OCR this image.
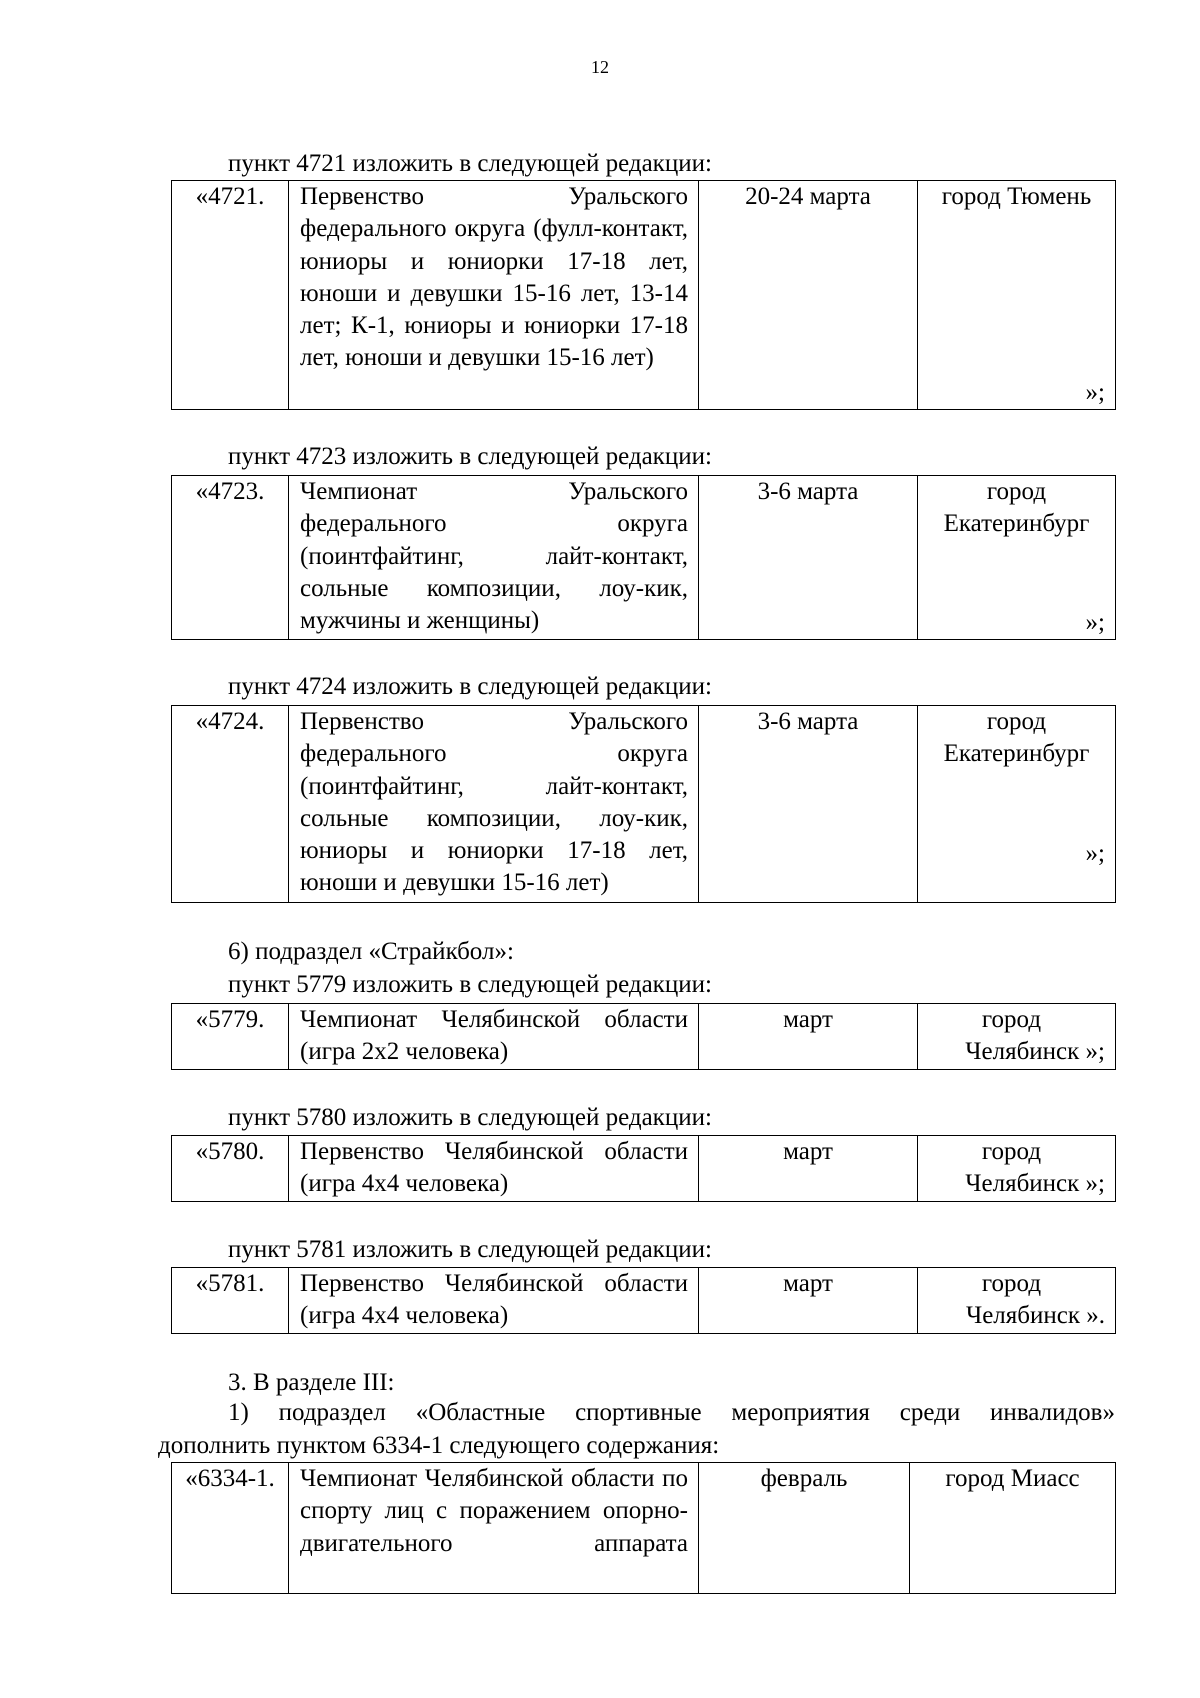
12
пункт 4721 изложить в следующей редакции:
«4721.	Первенство Уральского федерального округа (фулл-контакт, юниоры и юниорки 17-18 лет, юноши и девушки 15-16 лет, 13-14 лет; К-1, юниоры и юниорки 17-18 лет, юноши и девушки 15-16 лет)	20-24 марта	город Тюмень
»;
пункт 4723 изложить в следующей редакции:
«4723.	Чемпионат Уральского федерального округа (поинтфайтинг, лайт-контакт, сольные композиции, лоу-кик, мужчины и женщины)	3-6 марта	город
Екатеринбург
»;
пункт 4724 изложить в следующей редакции:
«4724.	Первенство Уральского федерального округа (поинтфайтинг, лайт-контакт, сольные композиции, лоу-кик, юниоры и юниорки 17-18 лет, юноши и девушки 15-16 лет)	3-6 марта	город
Екатеринбург
»;
6) подраздел «Страйкбол»:
пункт 5779 изложить в следующей редакции:
«5779.	Чемпионат Челябинской области (игра 2х2 человека)	март	город
Челябинск »;
пункт 5780 изложить в следующей редакции:
«5780.	Первенство Челябинской области (игра 4х4 человека)	март	город
Челябинск »;
пункт 5781 изложить в следующей редакции:
«5781.	Первенство Челябинской области (игра 4х4 человека)	март	город
Челябинск ».
3. В разделе III:
1) подраздел «Областные спортивные мероприятия среди инвалидов»
дополнить пунктом 6334-1 следующего содержания:
«6334-1.	Чемпионат Челябинской области по спорту лиц с поражением опорно-двигательного аппарата	февраль	город Миасс
